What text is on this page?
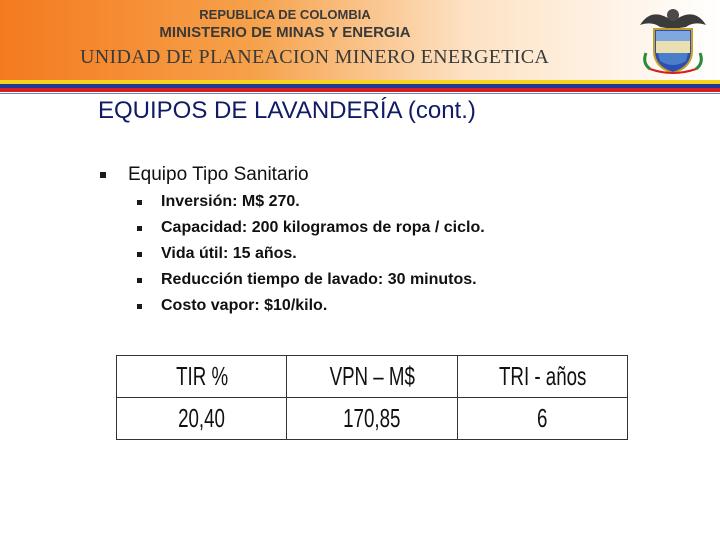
REPUBLICA DE COLOMBIA
MINISTERIO DE MINAS Y ENERGIA
UNIDAD DE PLANEACION MINERO ENERGETICA
EQUIPOS DE LAVANDERÍA (cont.)
Equipo Tipo Sanitario
Inversión: M$ 270.
Capacidad: 200 kilogramos de ropa / ciclo.
Vida útil: 15 años.
Reducción tiempo de lavado: 30 minutos.
Costo vapor: $10/kilo.
TIR %	VPN – M$	TRI - años
20,40	170,85	6
